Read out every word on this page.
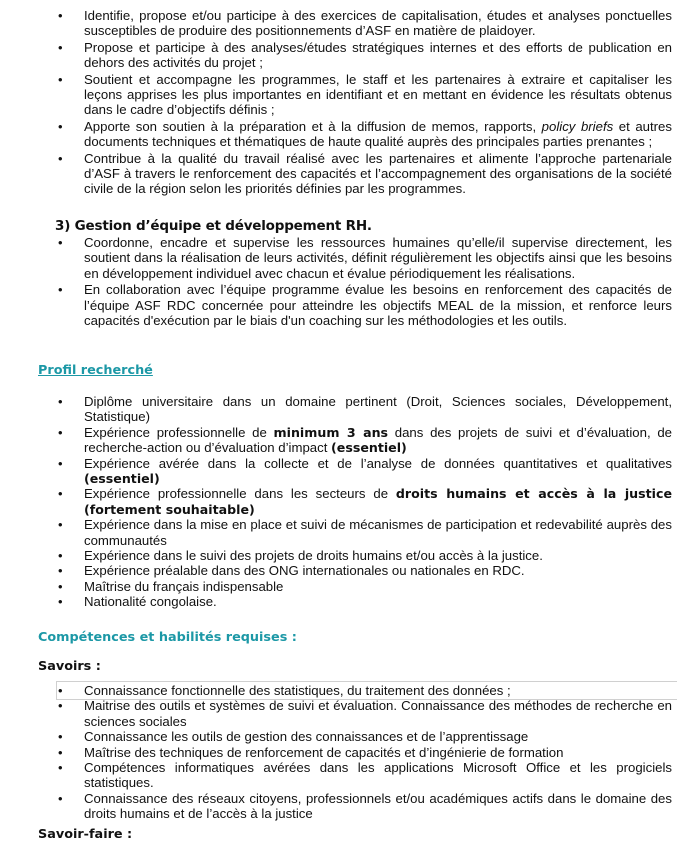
• Identifie, propose et/ou participe à des exercices de capitalisation, études et analyses ponctuelles susceptibles de produire des positionnements d’ASF en matière de plaidoyer.
• Propose et participe à des analyses/études stratégiques internes et des efforts de publication en dehors des activités du projet ;
• Soutient et accompagne les programmes, le staff et les partenaires à extraire et capitaliser les leçons apprises les plus importantes en identifiant et en mettant en évidence les résultats obtenus dans le cadre d’objectifs définis ;
• Apporte son soutien à la préparation et à la diffusion de memos, rapports, policy briefs et autres documents techniques et thématiques de haute qualité auprès des principales parties prenantes ;
• Contribue à la qualité du travail réalisé avec les partenaires et alimente l’approche partenariale d’ASF à travers le renforcement des capacités et l’accompagnement des organisations de la société civile de la région selon les priorités définies par les programmes.
3) Gestion d’équipe et développement RH.
• Coordonne, encadre et supervise les ressources humaines qu’elle/il supervise directement, les soutient dans la réalisation de leurs activités, définit régulièrement les objectifs ainsi que les besoins en développement individuel avec chacun et évalue périodiquement les réalisations.
• En collaboration avec l’équipe programme évalue les besoins en renforcement des capacités de l’équipe ASF RDC concernée pour atteindre les objectifs MEAL de la mission, et renforce leurs capacités d'exécution par le biais d'un coaching sur les méthodologies et les outils.
Profil recherché
• Diplôme universitaire dans un domaine pertinent (Droit, Sciences sociales, Développement, Statistique)
• Expérience professionnelle de minimum 3 ans dans des projets de suivi et d’évaluation, de recherche-action ou d’évaluation d’impact (essentiel)
• Expérience avérée dans la collecte et de l’analyse de données quantitatives et qualitatives (essentiel)
• Expérience professionnelle dans les secteurs de droits humains et accès à la justice (fortement souhaitable)
• Expérience dans la mise en place et suivi de mécanismes de participation et redevabilité auprès des communautés
• Expérience dans le suivi des projets de droits humains et/ou accès à la justice.
• Expérience préalable dans des ONG internationales ou nationales en RDC.
• Maîtrise du français indispensable
• Nationalité congolaise.
Compétences et habilités requises :
Savoirs :
• Connaissance fonctionnelle des statistiques, du traitement des données ;
• Maitrise des outils et systèmes de suivi et évaluation. Connaissance des méthodes de recherche en sciences sociales
• Connaissance les outils de gestion des connaissances et de l’apprentissage
• Maîtrise des techniques de renforcement de capacités et d’ingénierie de formation
• Compétences informatiques avérées dans les applications Microsoft Office et les progiciels statistiques.
• Connaissance des réseaux citoyens, professionnels et/ou académiques actifs dans le domaine des droits humains et de l’accès à la justice
Savoir-faire :
